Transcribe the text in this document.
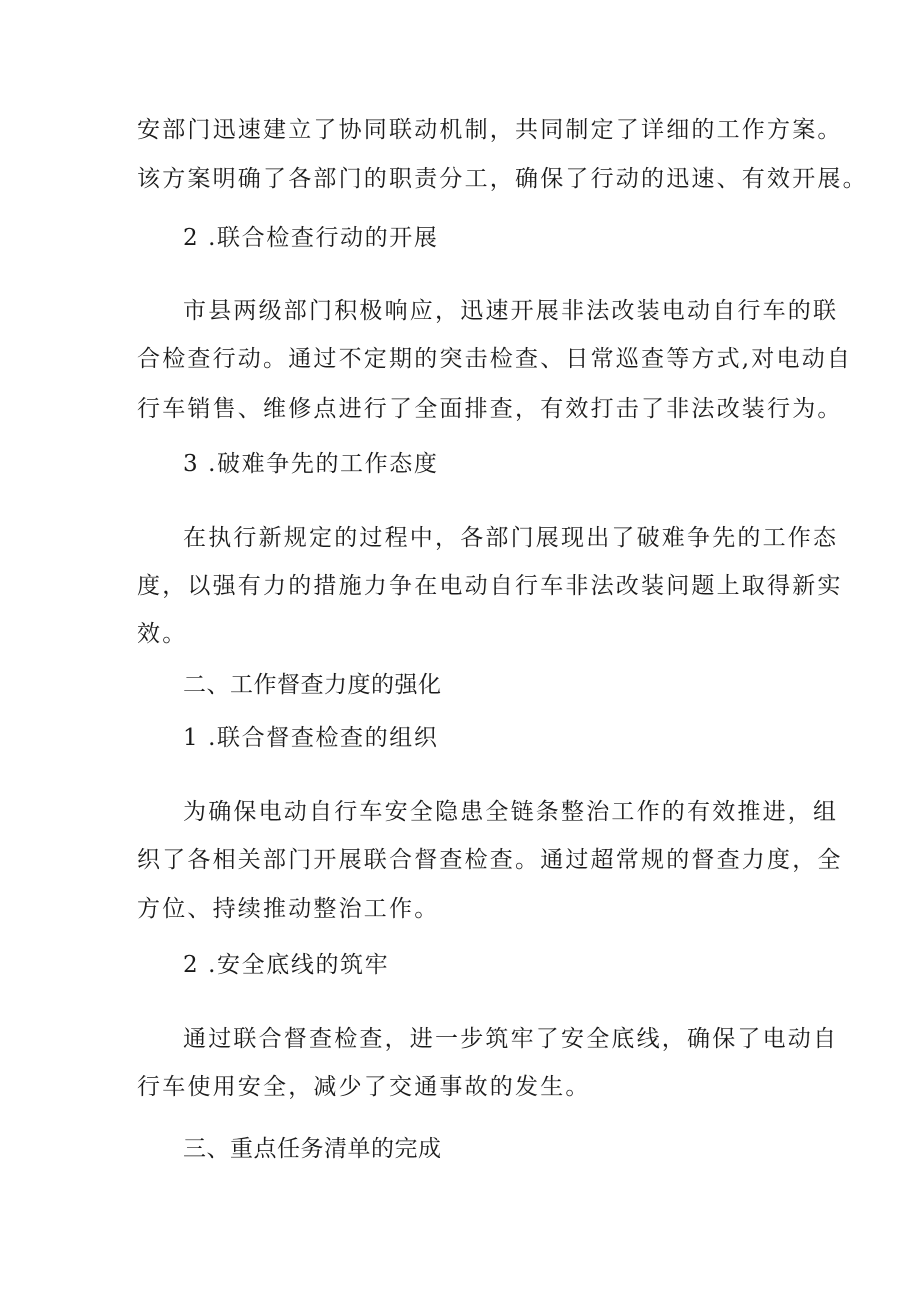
安部门迅速建立了协同联动机制，共同制定了详细的工作方案。
该方案明确了各部门的职责分工，确保了行动的迅速、有效开展。
2 .联合检查行动的开展
市县两级部门积极响应，迅速开展非法改装电动自行车的联
合检查行动。通过不定期的突击检查、日常巡查等方式,对电动自
行车销售、维修点进行了全面排查，有效打击了非法改装行为。
3 .破难争先的工作态度
在执行新规定的过程中，各部门展现出了破难争先的工作态
度，以强有力的措施力争在电动自行车非法改装问题上取得新实
效。
二、工作督查力度的强化
1 .联合督查检查的组织
为确保电动自行车安全隐患全链条整治工作的有效推进，组
织了各相关部门开展联合督查检查。通过超常规的督查力度，全
方位、持续推动整治工作。
2 .安全底线的筑牢
通过联合督查检查，进一步筑牢了安全底线，确保了电动自
行车使用安全，减少了交通事故的发生。
三、重点任务清单的完成
